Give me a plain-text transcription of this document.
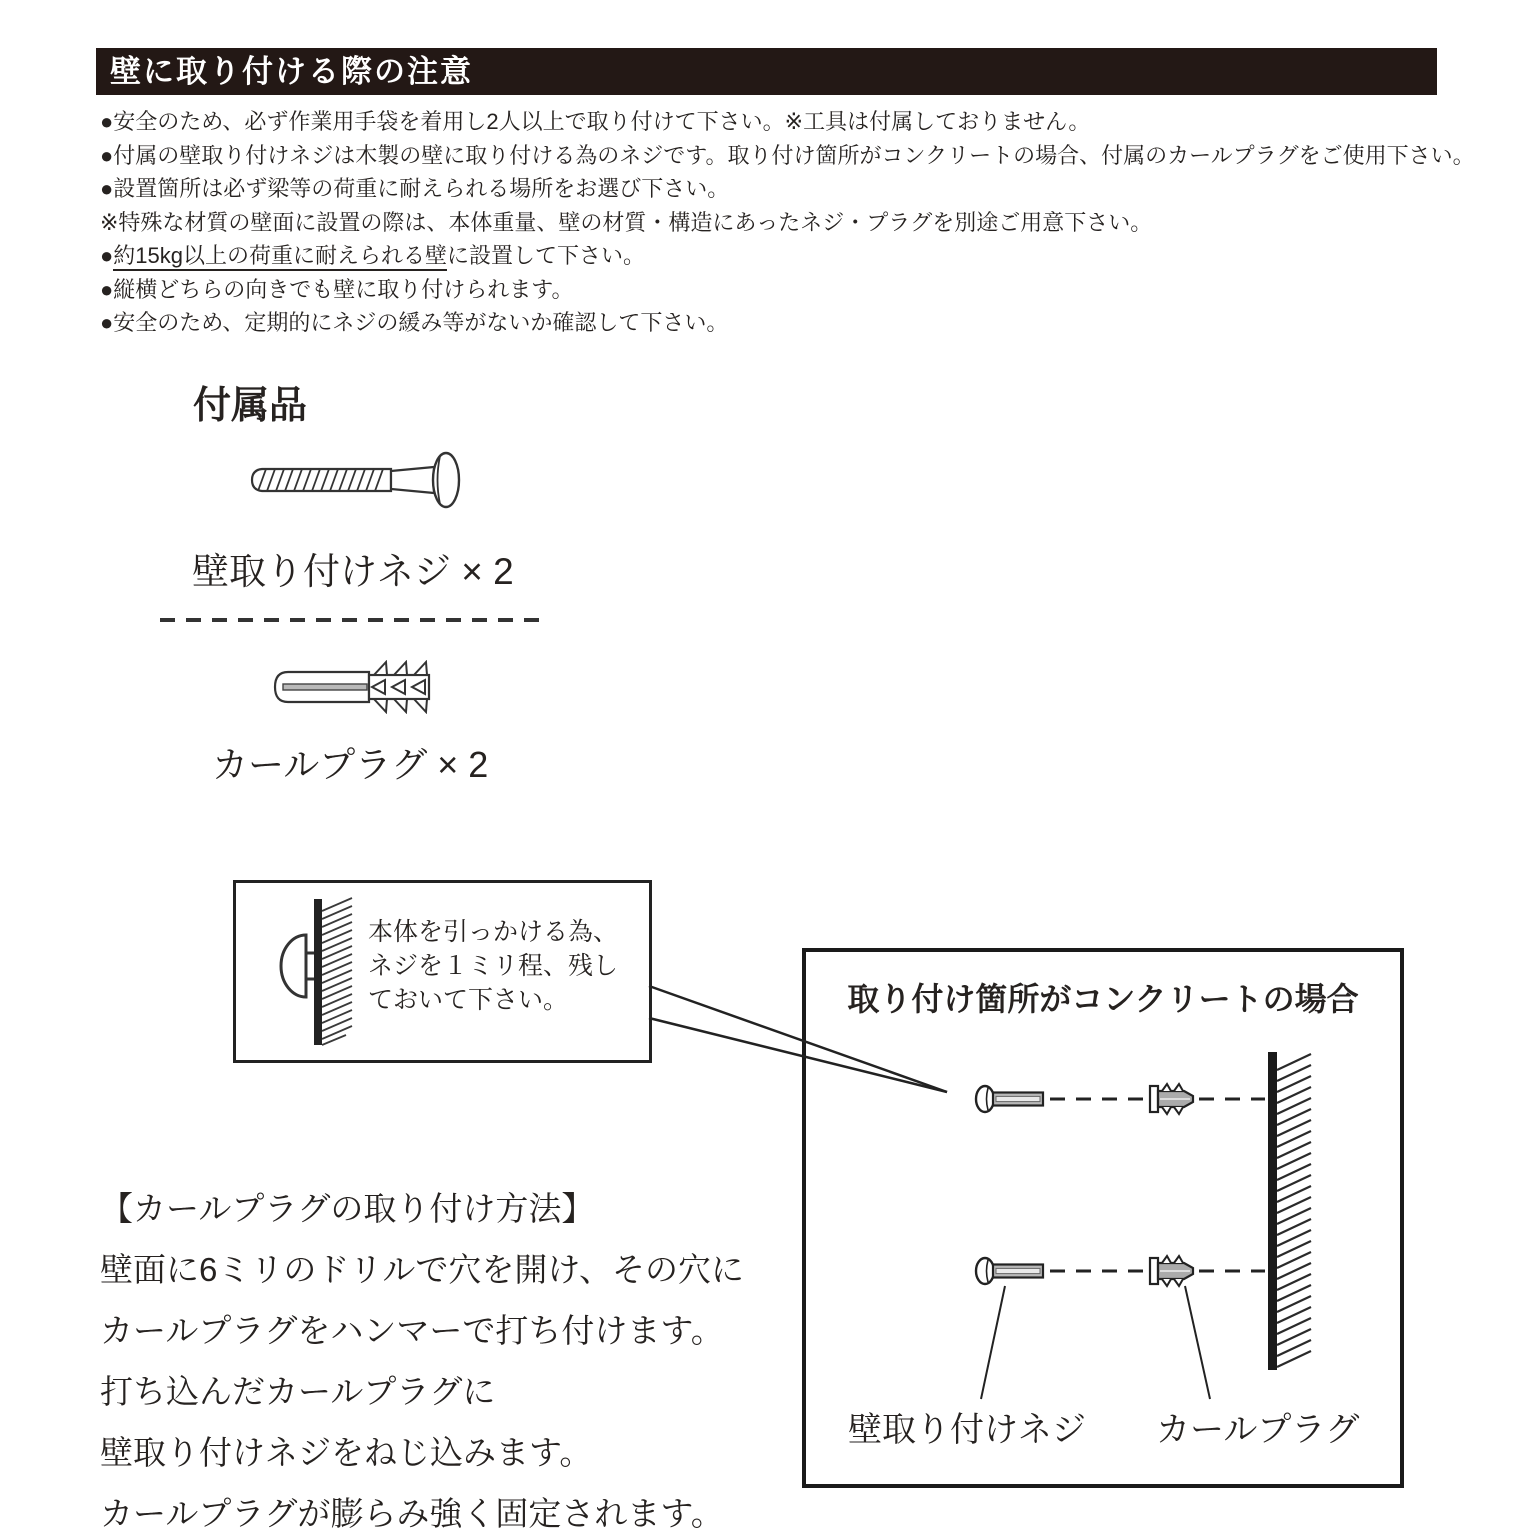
壁に取り付ける際の注意
●安全のため、必ず作業用手袋を着用し2人以上で取り付けて下さい。※工具は付属しておりません。
●付属の壁取り付けネジは木製の壁に取り付ける為のネジです。取り付け箇所がコンクリートの場合、付属のカールプラグをご使用下さい。
●設置箇所は必ず梁等の荷重に耐えられる場所をお選び下さい。
※特殊な材質の壁面に設置の際は、本体重量、壁の材質・構造にあったネジ・プラグを別途ご用意下さい。
●約15kg以上の荷重に耐えられる壁に設置して下さい。
●縦横どちらの向きでも壁に取り付けられます。
●安全のため、定期的にネジの緩み等がないか確認して下さい。
付属品
壁取り付けネジ × 2
カールプラグ × 2
本体を引っかける為、
ネジを１ミリ程、残し
ておいて下さい。	取り付け箇所がコンクリートの場合
壁取り付けネジ カールプラグ
【カールプラグの取り付け方法】
壁面に6ミリのドリルで穴を開け、その穴に
カールプラグをハンマーで打ち付けます。
打ち込んだカールプラグに
壁取り付けネジをねじ込みます。
カールプラグが膨らみ強く固定されます。
